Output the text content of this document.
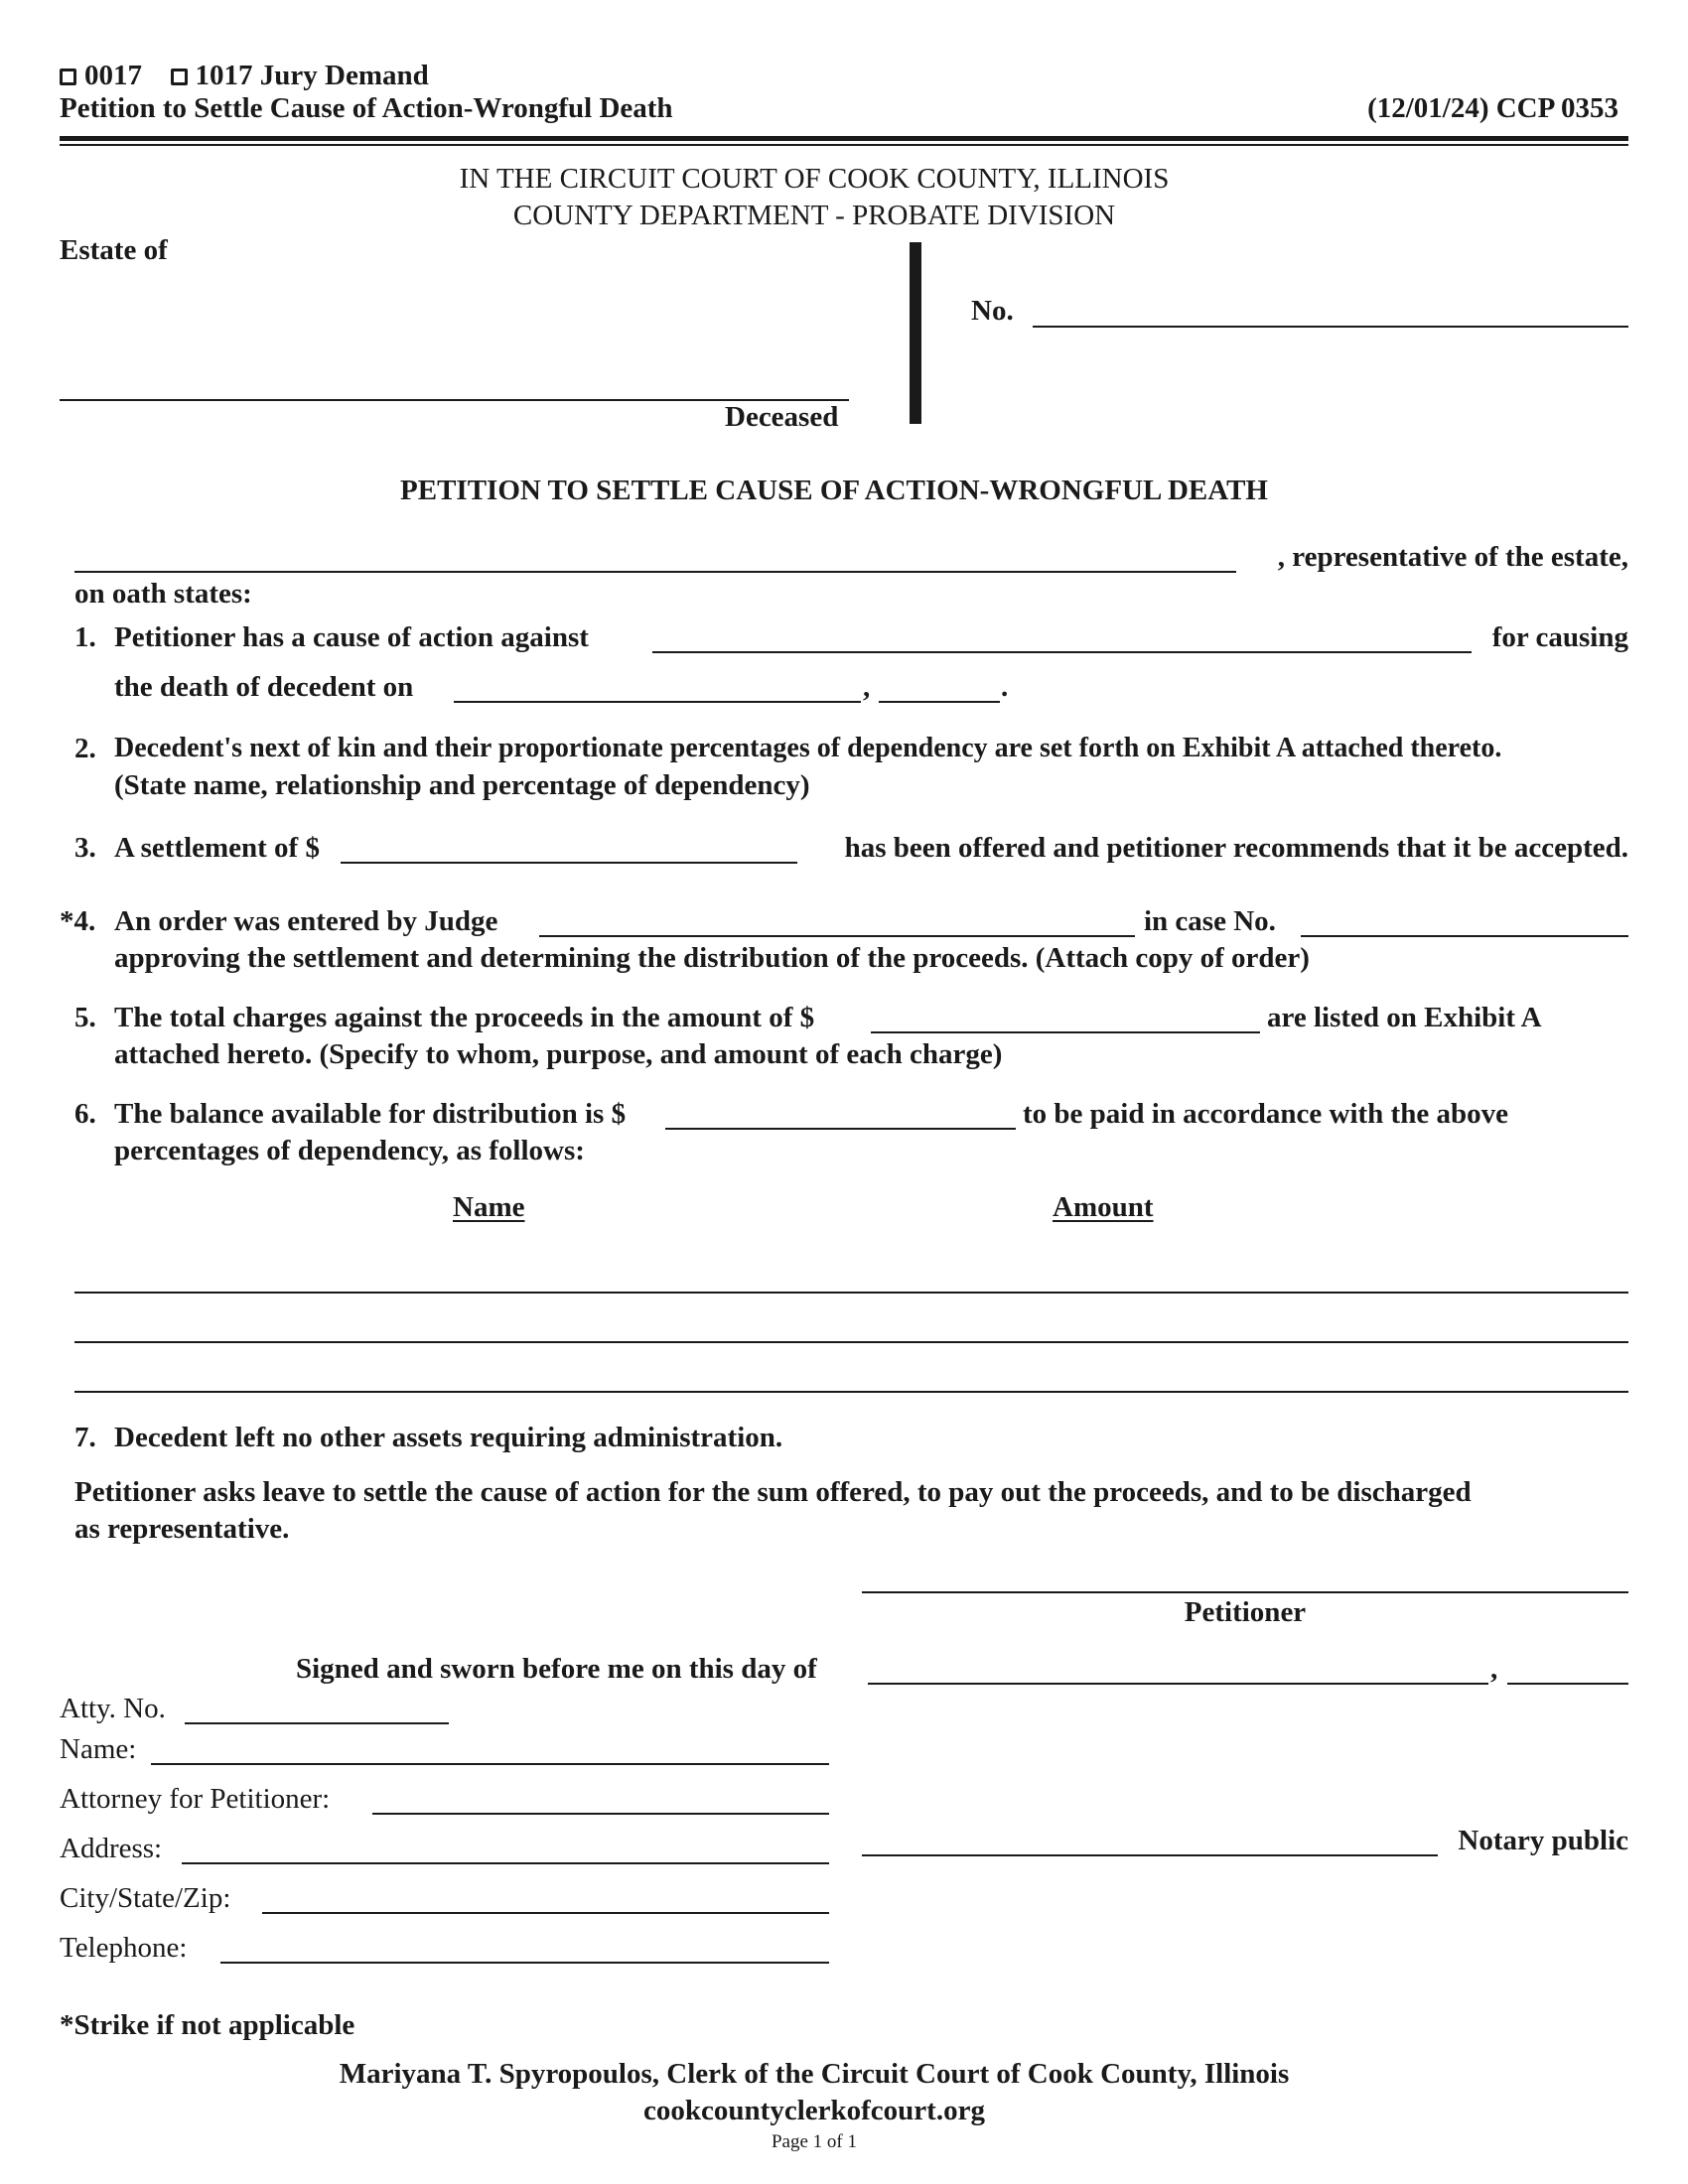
0017 1017 Jury Demand
Petition to Settle Cause of Action-Wrongful Death	(12/01/24) CCP 0353
IN THE CIRCUIT COURT OF COOK COUNTY, ILLINOIS
COUNTY DEPARTMENT - PROBATE DIVISION
Estate of
Deceased
No.
PETITION TO SETTLE CAUSE OF ACTION-WRONGFUL DEATH
, representative of the estate,
on oath states:
1. Petitioner has a cause of action against	for causing
the death of decedent on	,	.
2. Decedent's next of kin and their proportionate percentages of dependency are set forth on Exhibit A attached thereto.
(State name, relationship and percentage of dependency)
3. A settlement of $	has been offered and petitioner recommends that it be accepted.
*4. An order was entered by Judge	in case No.
approving the settlement and determining the distribution of the proceeds. (Attach copy of order)
5. The total charges against the proceeds in the amount of $	are listed on Exhibit A
attached hereto. (Specify to whom, purpose, and amount of each charge)
6. The balance available for distribution is $	to be paid in accordance with the above
percentages of dependency, as follows:
Name	Amount
7. Decedent left no other assets requiring administration.
Petitioner asks leave to settle the cause of action for the sum offered, to pay out the proceeds, and to be discharged
as representative.
Petitioner
Signed and sworn before me on this day of	,
Notary public
Atty. No.
Name:
Attorney for Petitioner:
Address:
City/State/Zip:
Telephone:
*Strike if not applicable
Mariyana T. Spyropoulos, Clerk of the Circuit Court of Cook County, Illinois
cookcountyclerkofcourt.org
Page 1 of 1
